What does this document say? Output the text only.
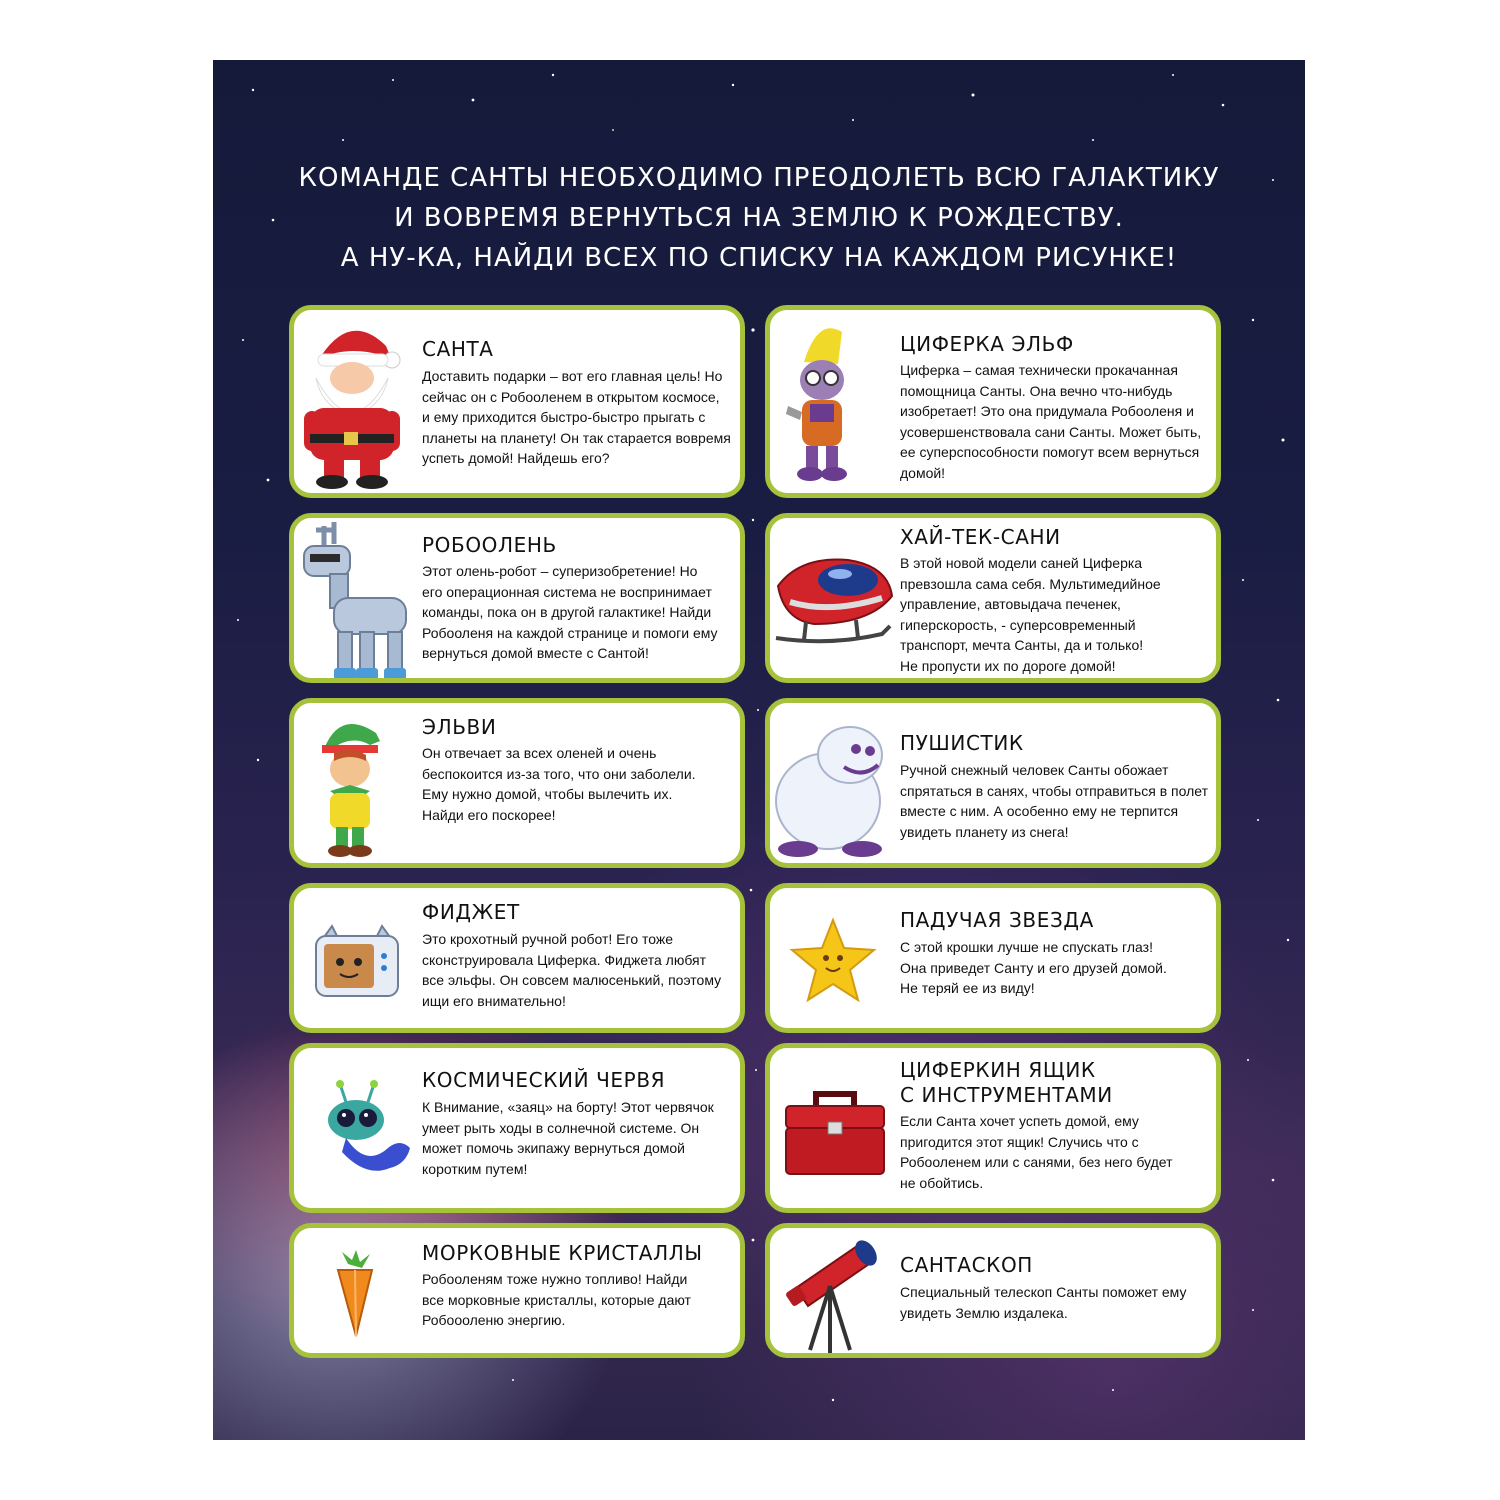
КОМАНДЕ САНТЫ НЕОБХОДИМО ПРЕОДОЛЕТЬ ВСЮ ГАЛАКТИКУ
И ВОВРЕМЯ ВЕРНУТЬСЯ НА ЗЕМЛЮ К РОЖДЕСТВУ.
А НУ-КА, НАЙДИ ВСЕХ ПО СПИСКУ НА КАЖДОМ РИСУНКЕ!
САНТА
Доставить подарки – вот его главная цель! Но
сейчас он с Робооленем в открытом космосе,
и ему приходится быстро-быстро прыгать с
планеты на планету! Он так старается вовремя
успеть домой! Найдешь его?
ЦИФЕРКА ЭЛЬФ
Циферка – самая технически прокачанная
помощница Санты. Она вечно что-нибудь
изобретает! Это она придумала Робооленя и
усовершенствовала сани Санты. Может быть,
ее суперспособности помогут всем вернуться
домой!
РОБООЛЕНЬ
Этот олень-робот – суперизобретение! Но
его операционная система не воспринимает
команды, пока он в другой галактике! Найди
Робооленя на каждой странице и помоги ему
вернуться домой вместе с Сантой!
ХАЙ-ТЕК-САНИ
В этой новой модели саней Циферка
превзошла сама себя. Мультимедийное
управление, автовыдача печенек,
гиперскорость, - суперсовременный
транспорт, мечта Санты, да и только!
Не пропусти их по дороге домой!
ЭЛЬВИ
Он отвечает за всех оленей и очень
беспокоится из-за того, что они заболели.
Ему нужно домой, чтобы вылечить их.
Найди его поскорее!
ПУШИСТИК
Ручной снежный человек Санты обожает
спрятаться в санях, чтобы отправиться в полет
вместе с ним. А особенно ему не терпится
увидеть планету из снега!
ФИДЖЕТ
Это крохотный ручной робот! Его тоже
сконструировала Циферка. Фиджета любят
все эльфы. Он совсем малюсенький, поэтому
ищи его внимательно!
ПАДУЧАЯ ЗВЕЗДА
С этой крошки лучше не спускать глаз!
Она приведет Санту и его друзей домой.
Не теряй ее из виду!
КОСМИЧЕСКИЙ ЧЕРВЯ
К Внимание, «заяц» на борту! Этот червячок
умеет рыть ходы в солнечной системе. Он
может помочь экипажу вернуться домой
коротким путем!
ЦИФЕРКИН ЯЩИК
С ИНСТРУМЕНТАМИ
Если Санта хочет успеть домой, ему
пригодится этот ящик! Случись что с
Робооленем или с санями, без него будет
не обойтись.
МОРКОВНЫЕ КРИСТАЛЛЫ
Робооленям тоже нужно топливо! Найди
все морковные кристаллы, которые дают
Робоооленю энергию.
САНТАСКОП
Специальный телескоп Санты поможет ему
увидеть Землю издалека.
